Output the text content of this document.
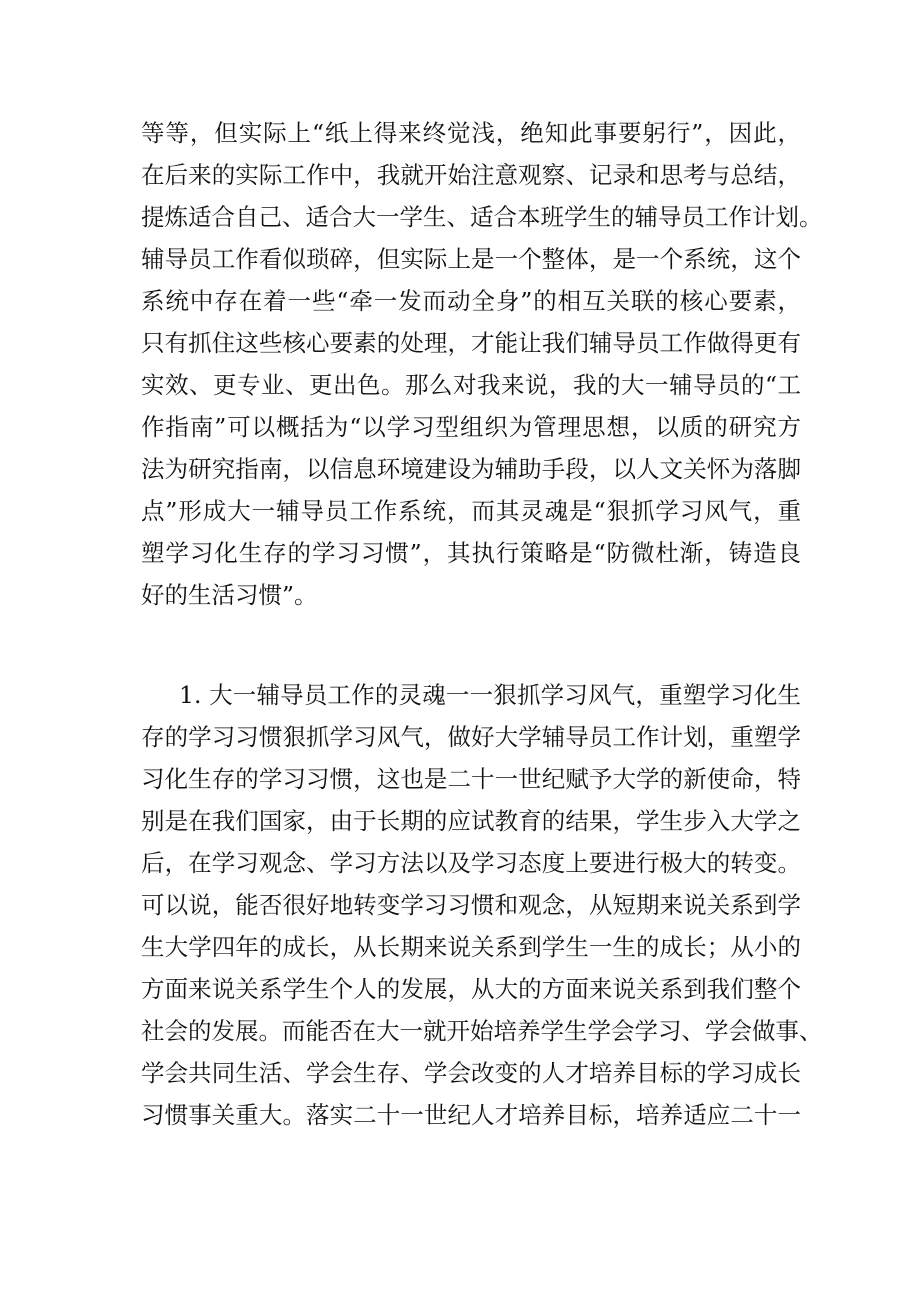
等等，但实际上“纸上得来终觉浅，绝知此事要躬行”，因此，
在后来的实际工作中，我就开始注意观察、记录和思考与总结，
提炼适合自己、适合大一学生、适合本班学生的辅导员工作计划。
辅导员工作看似琐碎，但实际上是一个整体，是一个系统，这个
系统中存在着一些“牵一发而动全身”的相互关联的核心要素，
只有抓住这些核心要素的处理，才能让我们辅导员工作做得更有
实效、更专业、更出色。那么对我来说，我的大一辅导员的“工
作指南”可以概括为“以学习型组织为管理思想，以质的研究方
法为研究指南，以信息环境建设为辅助手段，以人文关怀为落脚
点”形成大一辅导员工作系统，而其灵魂是“狠抓学习风气，重
塑学习化生存的学习习惯”，其执行策略是“防微杜渐，铸造良
好的生活习惯”。
1. 大一辅导员工作的灵魂一一狠抓学习风气，重塑学习化生
存的学习习惯狠抓学习风气，做好大学辅导员工作计划，重塑学
习化生存的学习习惯，这也是二十一世纪赋予大学的新使命，特
别是在我们国家，由于长期的应试教育的结果，学生步入大学之
后，在学习观念、学习方法以及学习态度上要进行极大的转变。
可以说，能否很好地转变学习习惯和观念，从短期来说关系到学
生大学四年的成长，从长期来说关系到学生一生的成长；从小的
方面来说关系学生个人的发展，从大的方面来说关系到我们整个
社会的发展。而能否在大一就开始培养学生学会学习、学会做事、
学会共同生活、学会生存、学会改变的人才培养目标的学习成长
习惯事关重大。落实二十一世纪人才培养目标，培养适应二十一
